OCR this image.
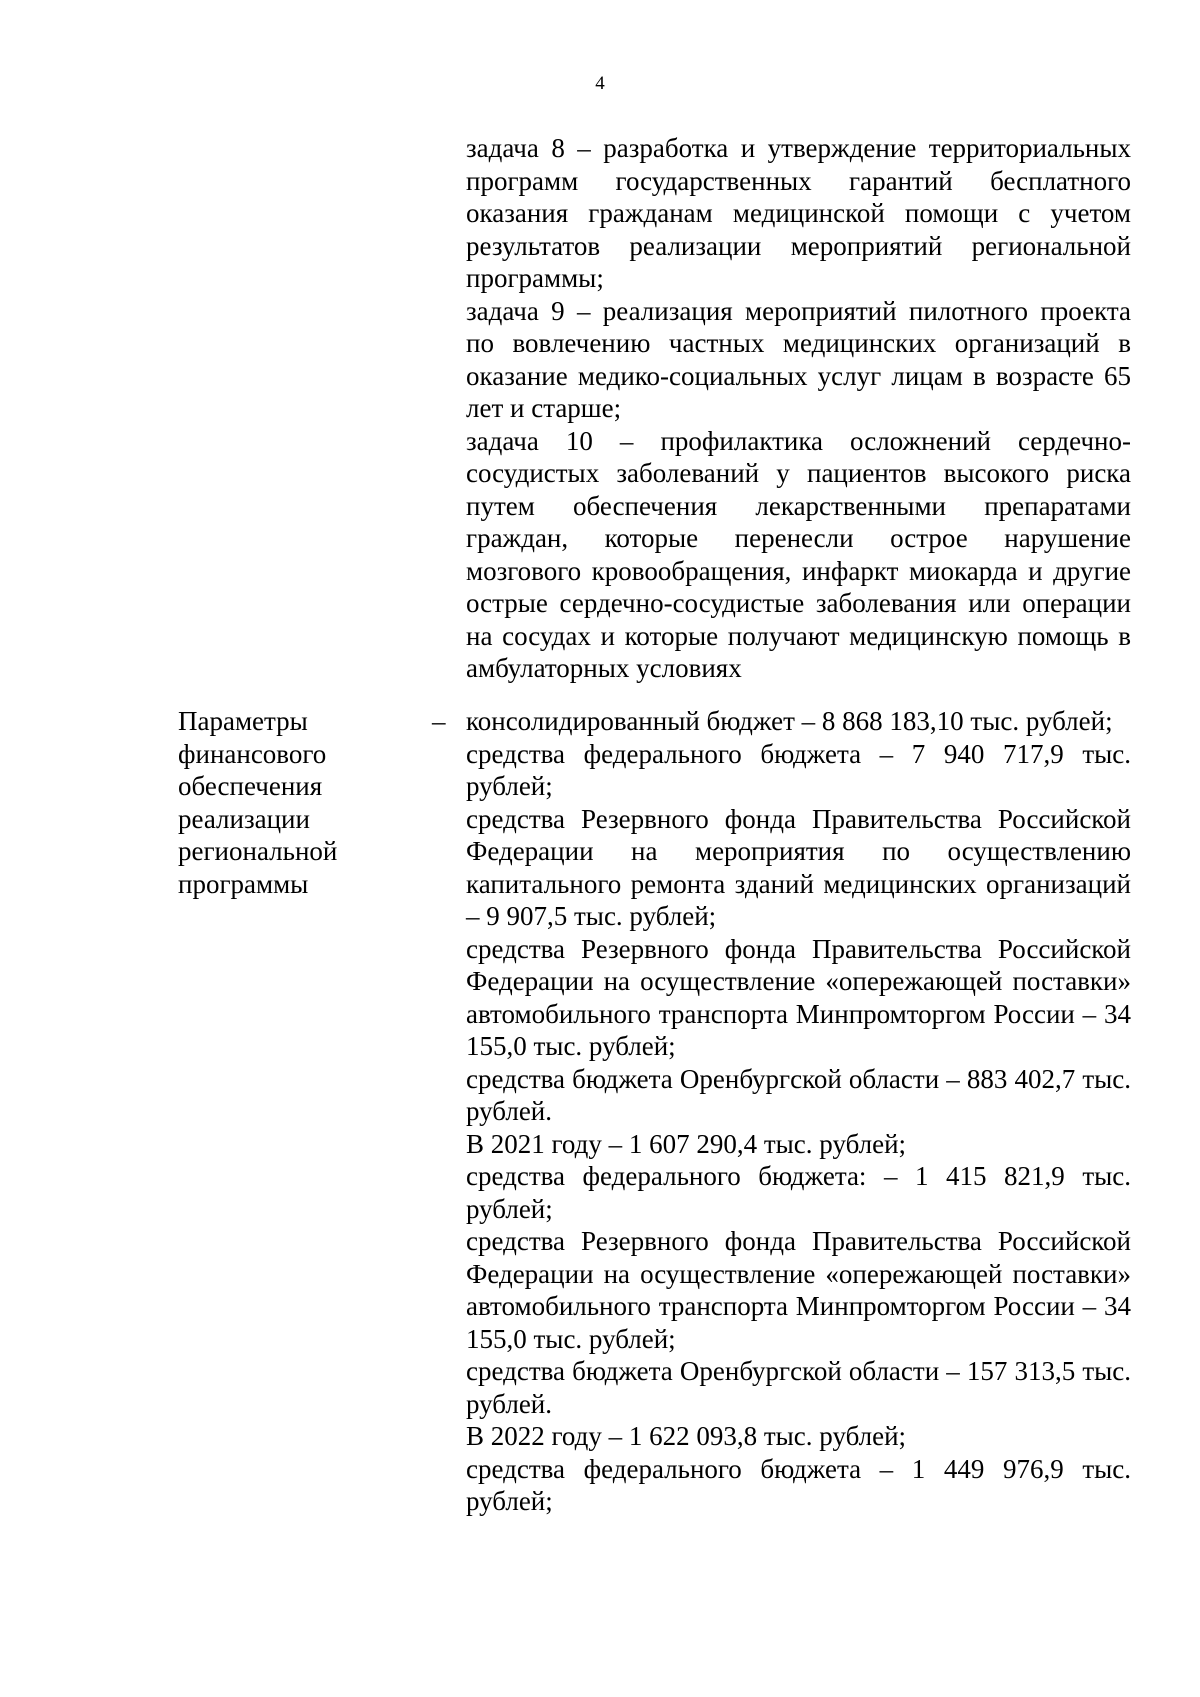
4

задача 8 – разработка и утверждение территориальных программ государственных гарантий бесплатного оказания гражданам медицинской помощи с учетом результатов реализации мероприятий региональной программы;

задача 9 – реализация мероприятий пилотного проекта по вовлечению частных медицинских организаций в оказание медико-социальных услуг лицам в возрасте 65 лет и старше;

задача 10 – профилактика осложнений сердечно-сосудистых заболеваний у пациентов высокого риска путем обеспечения лекарственными препаратами граждан, которые перенесли острое нарушение мозгового кровообращения, инфаркт миокарда и другие острые сердечно-сосудистые заболевания или операции на сосудах и которые получают медицинскую помощь в амбулаторных условиях

Параметры
финансового
обеспечения
реализации
региональной
программы
– консолидированный бюджет – 8 868 183,10 тыс. рублей;

средства федерального бюджета – 7 940 717,9 тыс. рублей;

средства Резервного фонда Правительства Российской Федерации на мероприятия по осуществлению капитального ремонта зданий медицинских организаций – 9 907,5 тыс. рублей;

средства Резервного фонда Правительства Российской Федерации на осуществление «опережающей поставки» автомобильного транспорта Минпромторгом России – 34 155,0 тыс. рублей;

средства бюджета Оренбургской области – 883 402,7 тыс. рублей.

В 2021 году – 1 607 290,4 тыс. рублей;

средства федерального бюджета: – 1 415 821,9 тыс. рублей;

средства Резервного фонда Правительства Российской Федерации на осуществление «опережающей поставки» автомобильного транспорта Минпромторгом России – 34 155,0 тыс. рублей;

средства бюджета Оренбургской области – 157 313,5 тыс. рублей.

В 2022 году – 1 622 093,8 тыс. рублей;

средства федерального бюджета – 1 449 976,9 тыс. рублей;
